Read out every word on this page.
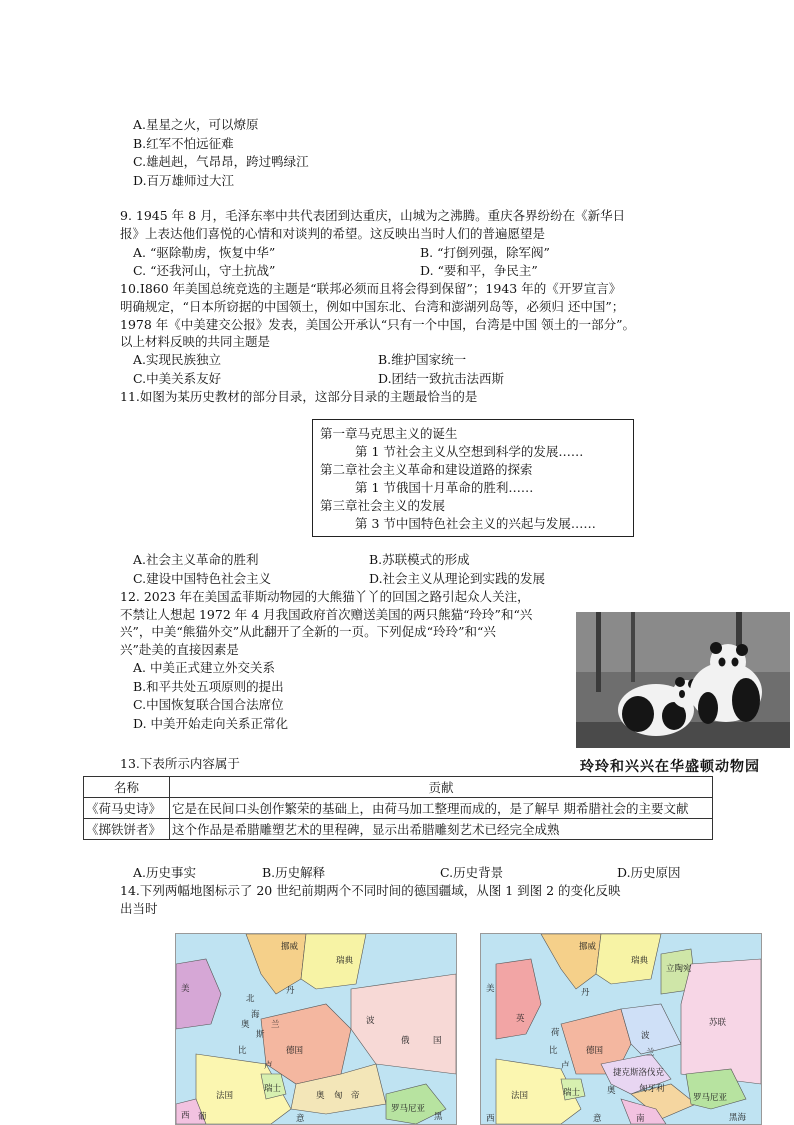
A.星星之火，可以燎原
B.红军不怕远征难
C.雄赳赳，气昂昂，跨过鸭绿江
D.百万雄师过大江
9. 1945 年 8 月，毛泽东率中共代表团到达重庆，山城为之沸腾。重庆各界纷纷在《新华日
报》上表达他们喜悦的心情和对谈判的希望。这反映出当时人们的普遍愿望是
A. “驱除勒虏，恢复中华”	B. “打倒列强，除军阀”
C. “还我河山，守土抗战”	D. “要和平，争民主”
10.I860 年美国总统竞选的主题是“联邦必须而且将会得到保留”；1943 年的《开罗宣言》
明确规定，“日本所窃据的中国领土，例如中国东北、台湾和澎湖列岛等，必须归 还中国”；
1978 年《中美建交公报》发表，美国公开承认“只有一个中国，台湾是中国 领土的一部分”。
以上材料反映的共同主题是
A.实现民族独立	B.维护国家统一
C.中美关系友好	D.团结一致抗击法西斯
11.如图为某历史教材的部分目录，这部分目录的主题最恰当的是
第一章马克思主义的诞生
第 1 节社会主义从空想到科学的发展……
第二章社会主义革命和建设道路的探索
第 1 节俄国十月革命的胜利……
第三章社会主义的发展
第 3 节中国特色社会主义的兴起与发展……
A.社会主义革命的胜利	B.苏联模式的形成
C.建设中国特色社会主义	D.社会主义从理论到实践的发展
12. 2023 年在美国孟菲斯动物园的大熊猫丫丫的回国之路引起众人关注，
不禁让人想起 1972 年 4 月我国政府首次赠送美国的两只熊猫“玲玲”和“兴
兴”，中美“熊猫外交”从此翻开了全新的一页。下列促成“玲玲”和“兴
兴”赴美的直接因素是
A. 中美正式建立外交关系
B.和平共处五项原则的提出
C.中国恢复联合国合法席位
D. 中美开始走向关系正常化
玲玲和兴兴在华盛顿动物园
13.下表所示内容属于
名称	贡献
《荷马史诗》	它是在民间口头创作繁荣的基础上，由荷马加工整理而成的，是了解早 期希腊社会的主要文献
《掷铁饼者》	这个作品是希腊雕塑艺术的里程碑，显示出希腊雕刻艺术已经完全成熟
A.历史事实	B.历史解释	C.历史背景	D.历史原因
14.下列两幅地图标示了 20 世纪前期两个不同时间的德国疆域，从图 1 到图 2 的变化反映
出当时
挪威
瑞典
丹
美
北
海
比	德国
卢
奥
斯
兰	波
俄	国
匈 帝
法国
瑞士
意
奥
罗马尼亚
西 葡	黑
挪威
瑞典
立陶宛
美	丹
英
荷
德国
波
兰
苏联
比
卢
捷克斯洛伐克
奥	匈牙利
法国	瑞士	罗马尼亚
西	意	南	黑海
